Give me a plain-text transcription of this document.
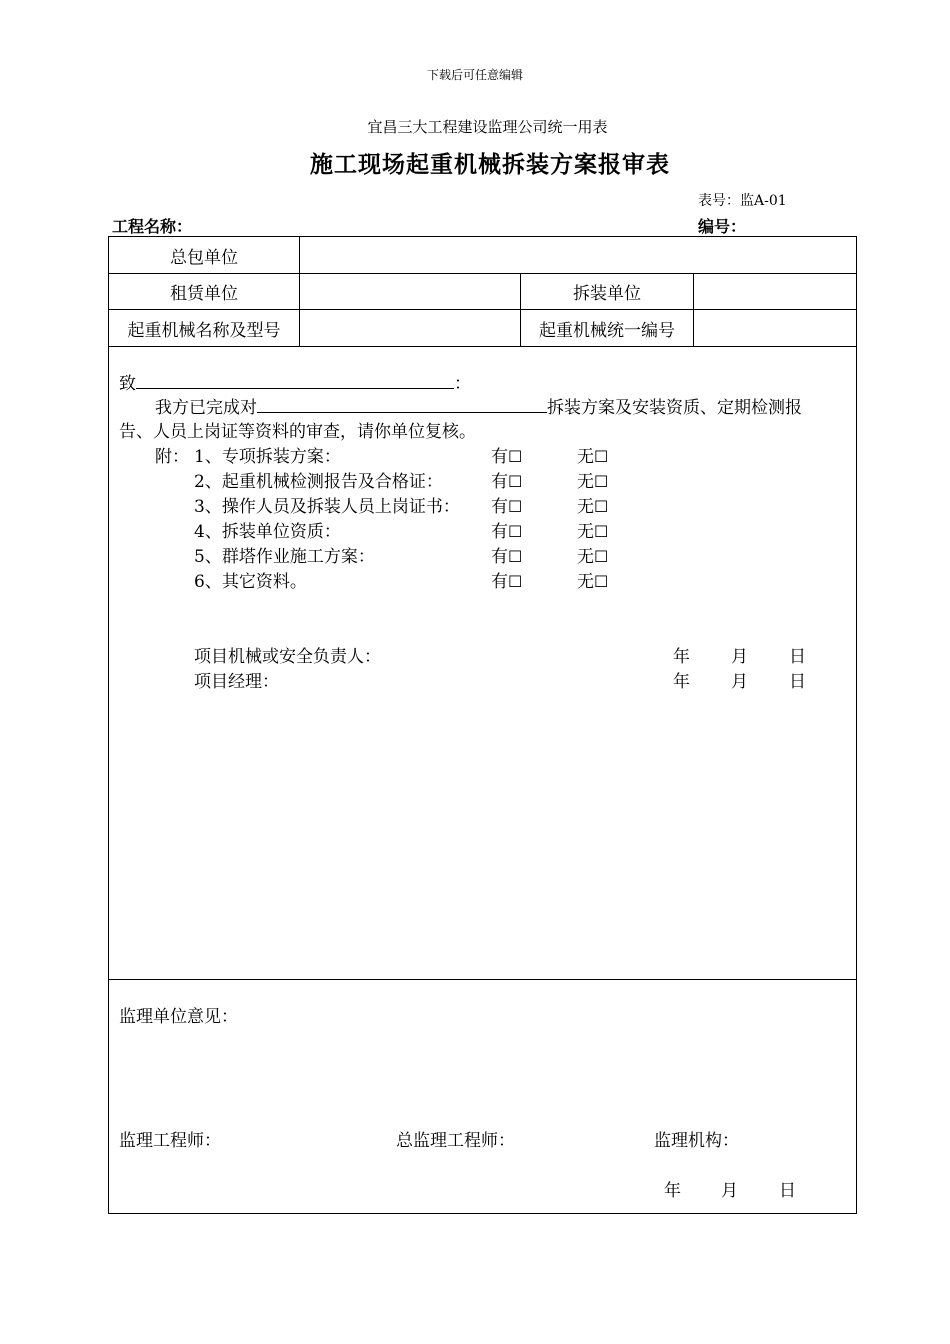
下载后可任意编辑
宜昌三大工程建设监理公司统一用表
施工现场起重机械拆装方案报审表
表号：监A-01
工程名称：	编号：
总包单位
租赁单位	拆装单位
起重机械名称及型号	起重机械统一编号
致	：
我方已完成对	拆装方案及安装资质、定期检测报
告、人员上岗证等资料的审查，请你单位复核。
附： 1、专项拆装方案：	有☐	无☐
2、起重机械检测报告及合格证：	有☐	无☐
3、操作人员及拆装人员上岗证书： 有☐	无☐
4、拆装单位资质：	有☐	无☐
5、群塔作业施工方案：	有☐	无☐
6、其它资料。	有☐	无☐
项目机械或安全负责人：	年 月 日
项目经理：	年 月 日
监理单位意见：
监理工程师：	总监理工程师：	监理机构：
年 月 日
